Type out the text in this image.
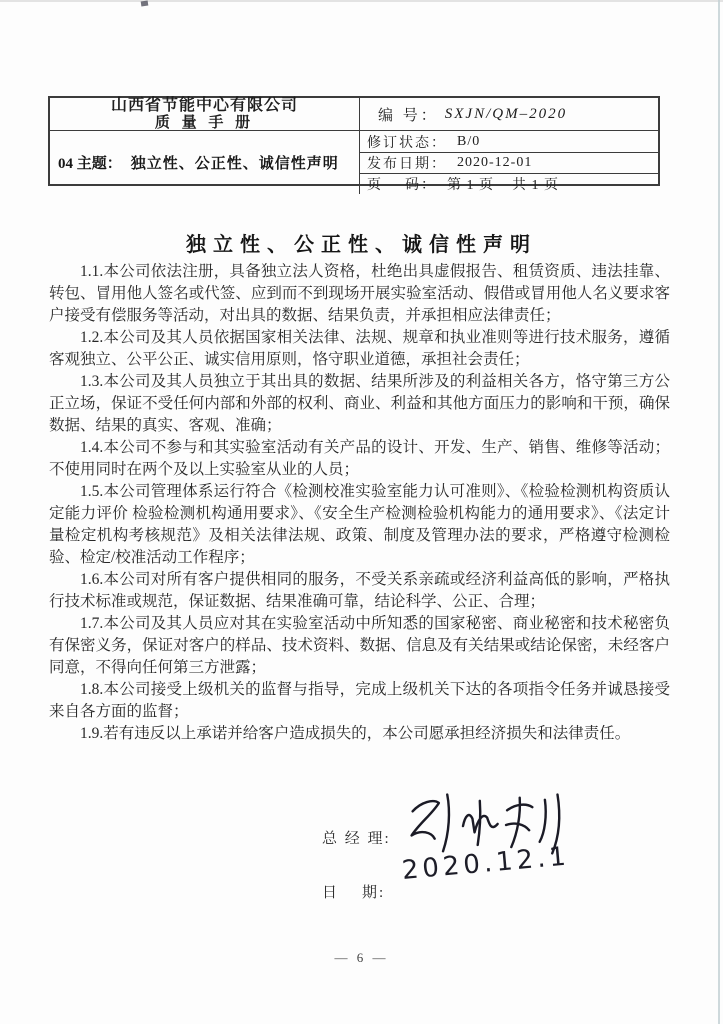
山西省节能中心有限公司
质 量 手 册	编 号： SXJN/QM–2020
04 主题： 独立性、公正性、诚信性声明
修订状态： B/0
发布日期： 2020-12-01
页    码： 第 1 页    共 1 页
独立性、公正性、诚信性声明

1.1.本公司依法注册，具备独立法人资格，杜绝出具虚假报告、租赁资质、违法挂靠、转包、冒用他人签名或代签、应到而不到现场开展实验室活动、假借或冒用他人名义要求客户接受有偿服务等活动，对出具的数据、结果负责，并承担相应法律责任；

1.2.本公司及其人员依据国家相关法律、法规、规章和执业准则等进行技术服务，遵循客观独立、公平公正、诚实信用原则，恪守职业道德，承担社会责任；

1.3.本公司及其人员独立于其出具的数据、结果所涉及的利益相关各方，恪守第三方公正立场，保证不受任何内部和外部的权利、商业、利益和其他方面压力的影响和干预，确保数据、结果的真实、客观、准确；

1.4.本公司不参与和其实验室活动有关产品的设计、开发、生产、销售、维修等活动；不使用同时在两个及以上实验室从业的人员；

1.5.本公司管理体系运行符合《检测校准实验室能力认可准则》、《检验检测机构资质认定能力评价 检验检测机构通用要求》、《安全生产检测检验机构能力的通用要求》、《法定计量检定机构考核规范》及相关法律法规、政策、制度及管理办法的要求，严格遵守检测检验、检定/校准活动工作程序；

1.6.本公司对所有客户提供相同的服务，不受关系亲疏或经济利益高低的影响，严格执行技术标准或规范，保证数据、结果准确可靠，结论科学、公正、合理；

1.7.本公司及其人员应对其在实验室活动中所知悉的国家秘密、商业秘密和技术秘密负有保密义务，保证对客户的样品、技术资料、数据、信息及有关结果或结论保密，未经客户同意，不得向任何第三方泄露；

1.8.本公司接受上级机关的监督与指导，完成上级机关下达的各项指令任务并诚恳接受来自各方面的监督；

1.9.若有违反以上承诺并给客户造成损失的，本公司愿承担经济损失和法律责任。

总 经 理:
日    期:
2020.12.1
— 6 —
